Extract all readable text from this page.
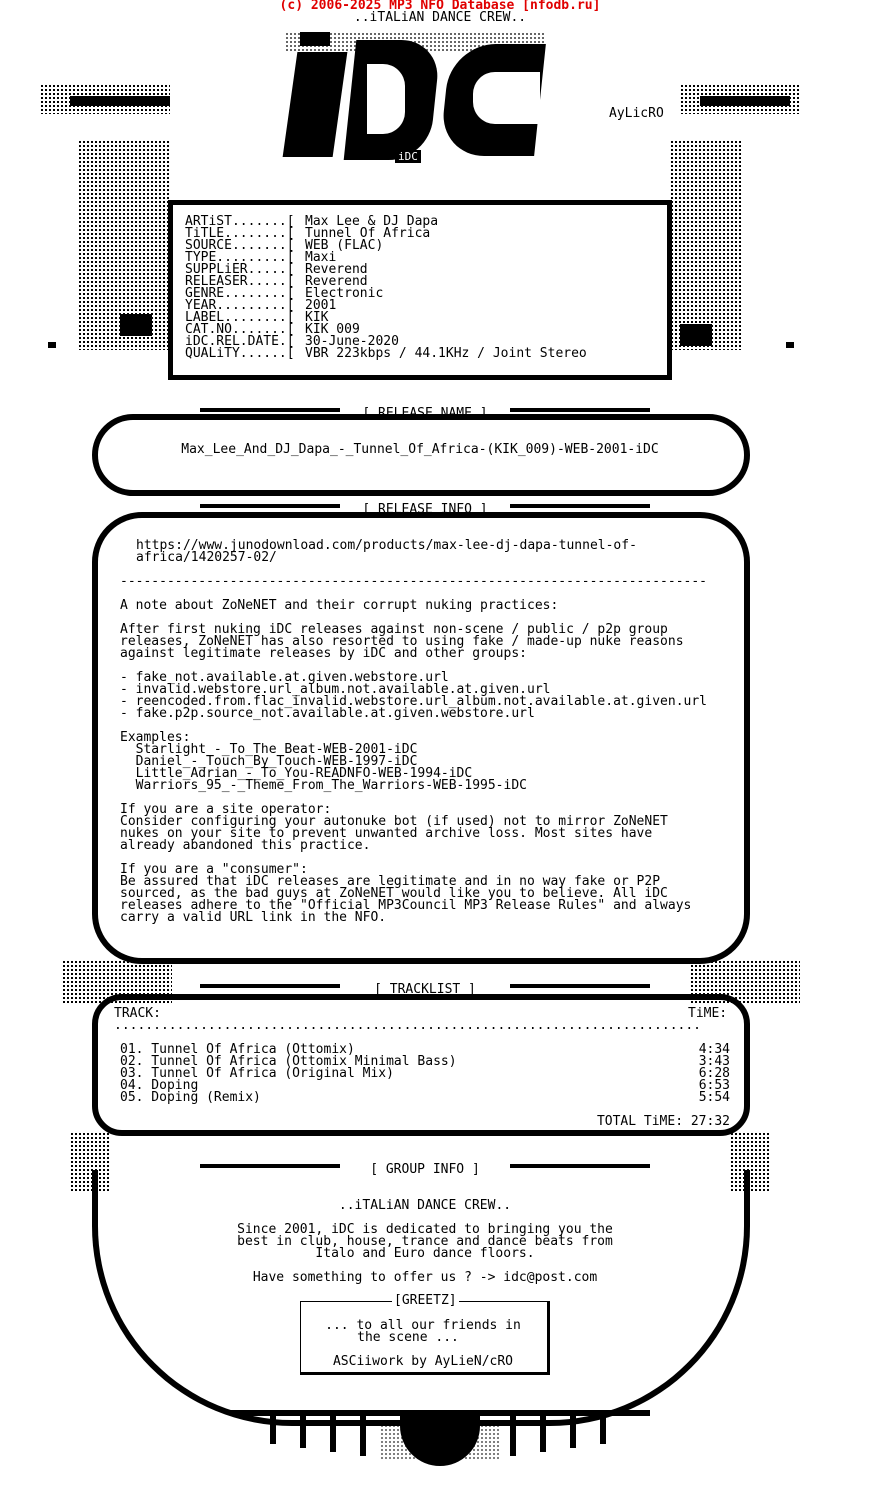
(c) 2006-2025 MP3 NFO Database [nfodb.ru]
..iTALiAN DANCE CREW..
iDC
AyLicRO
ARTiST.......[ Max Lee & DJ Dapa
TiTLE........[ Tunnel Of Africa
SOURCE.......[ WEB (FLAC)
TYPE.........[ Maxi
SUPPLiER.....[ Reverend
RELEASER.....[ Reverend
GENRE........[ Electronic
YEAR.........[ 2001
LABEL........[ KIK
CAT.NO.......[ KIK 009
iDC.REL.DATE.[ 30-June-2020
QUALiTY......[ VBR 223kbps / 44.1KHz / Joint Stereo
[ RELEASE NAME ]
Max_Lee_And_DJ_Dapa_-_Tunnel_Of_Africa-(KIK_009)-WEB-2001-iDC
[ RELEASE INFO ]
https://www.junodownload.com/products/max-lee-dj-dapa-tunnel-of-
africa/1420257-02/
---------------------------------------------------------------------------
A note about ZoNeNET and their corrupt nuking practices:
After first nuking iDC releases against non-scene / public / p2p group
releases, ZoNeNET has also resorted to using fake / made-up nuke reasons
against legitimate releases by iDC and other groups:
- fake_not.available.at.given.webstore.url
- invalid.webstore.url_album.not.available.at.given.url
- reencoded.from.flac_invalid.webstore.url_album.not.available.at.given.url
- fake.p2p.source_not.available.at.given.webstore.url
Examples:
Starlight_-_To_The_Beat-WEB-2001-iDC
Daniel_-_Touch_By_Touch-WEB-1997-iDC
Little_Adrian_-_To_You-READNFO-WEB-1994-iDC
Warriors_95_-_Theme_From_The_Warriors-WEB-1995-iDC
If you are a site operator:
Consider configuring your autonuke bot (if used) not to mirror ZoNeNET
nukes on your site to prevent unwanted archive loss. Most sites have
already abandoned this practice.
If you are a "consumer":
Be assured that iDC releases are legitimate and in no way fake or P2P
sourced, as the bad guys at ZoNeNET would like you to believe. All iDC
releases adhere to the "Official MP3Council MP3 Release Rules" and always
carry a valid URL link in the NFO.
[ TRACKLIST ]
TRACK:	TiME:
...........................................................................
01. Tunnel Of Africa (Ottomix)	4:34
02. Tunnel Of Africa (Ottomix Minimal Bass)	3:43
03. Tunnel Of Africa (Original Mix)	6:28
04. Doping	6:53
05. Doping (Remix)	5:54
TOTAL TiME: 27:32
[ GROUP INFO ]
..iTALiAN DANCE CREW..
Since 2001, iDC is dedicated to bringing you the
best in club, house, trance and dance beats from
Italo and Euro dance floors.
Have something to offer us ? -> idc@post.com
[GREETZ]
... to all our friends in
the scene ...
ASCiiwork by AyLieN/cRO
